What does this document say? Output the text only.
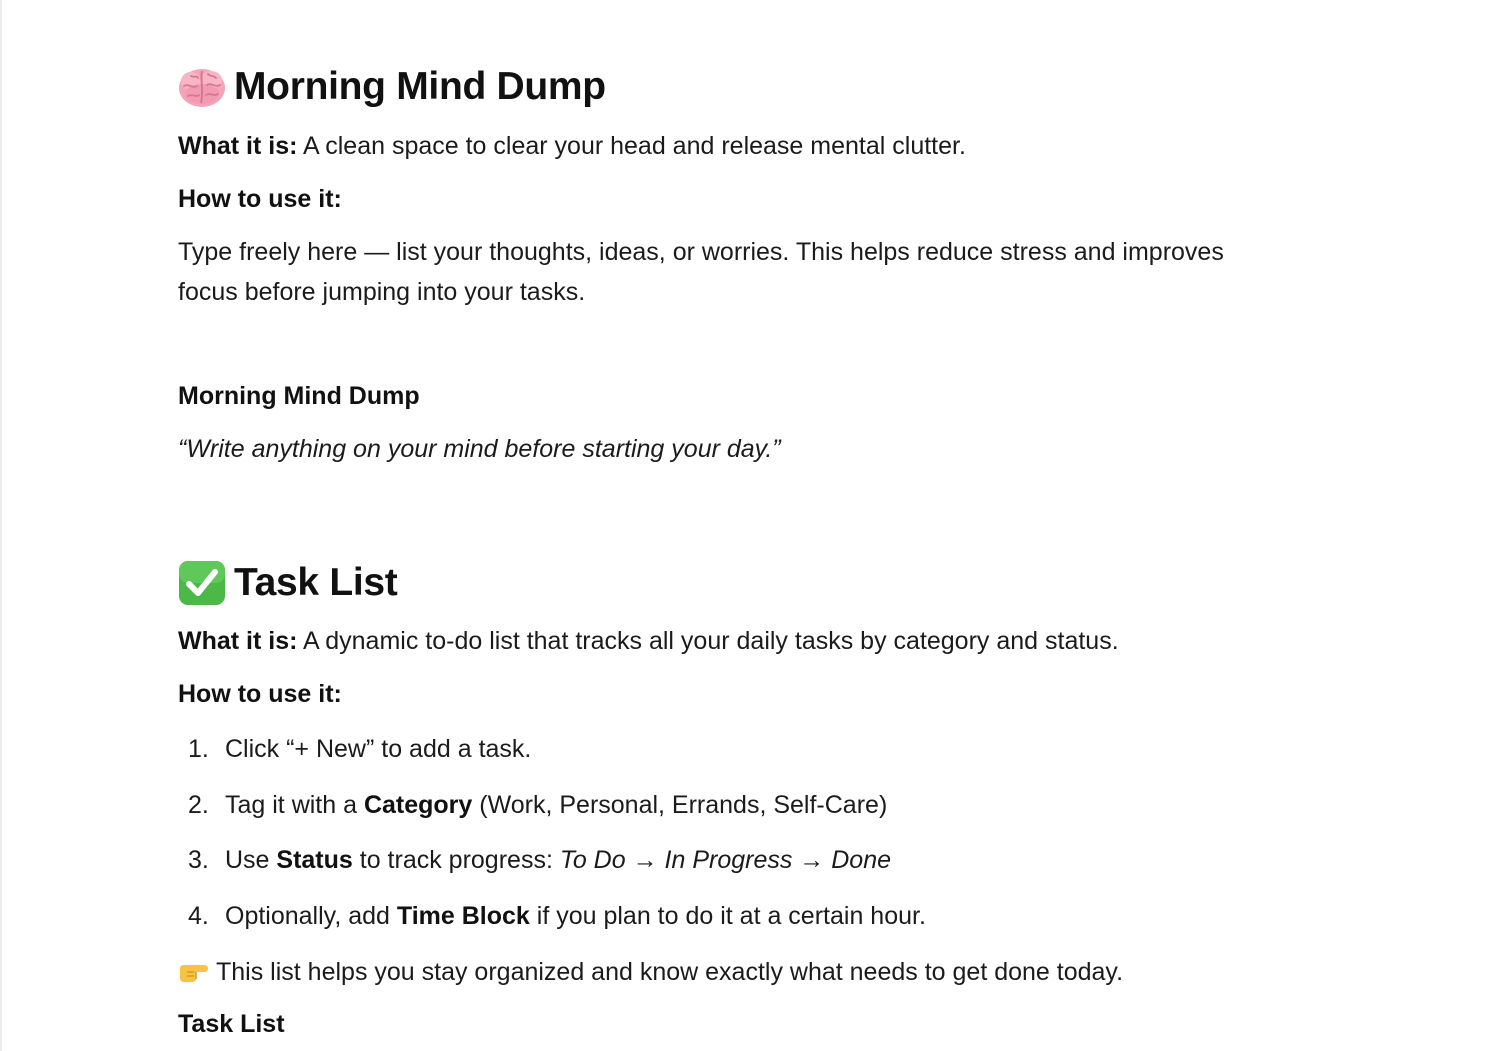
Morning Mind Dump

What it is: A clean space to clear your head and release mental clutter.

How to use it:

Type freely here — list your thoughts, ideas, or worries. This helps reduce stress and improves focus before jumping into your tasks.

Morning Mind Dump

“Write anything on your mind before starting your day.”

Task List

What it is: A dynamic to-do list that tracks all your daily tasks by category and status.

How to use it:

1. Click “+ New” to add a task.
2. Tag it with a Category (Work, Personal, Errands, Self-Care)
3. Use Status to track progress: To Do → In Progress → Done
4. Optionally, add Time Block if you plan to do it at a certain hour.

This list helps you stay organized and know exactly what needs to get done today.

Task List
